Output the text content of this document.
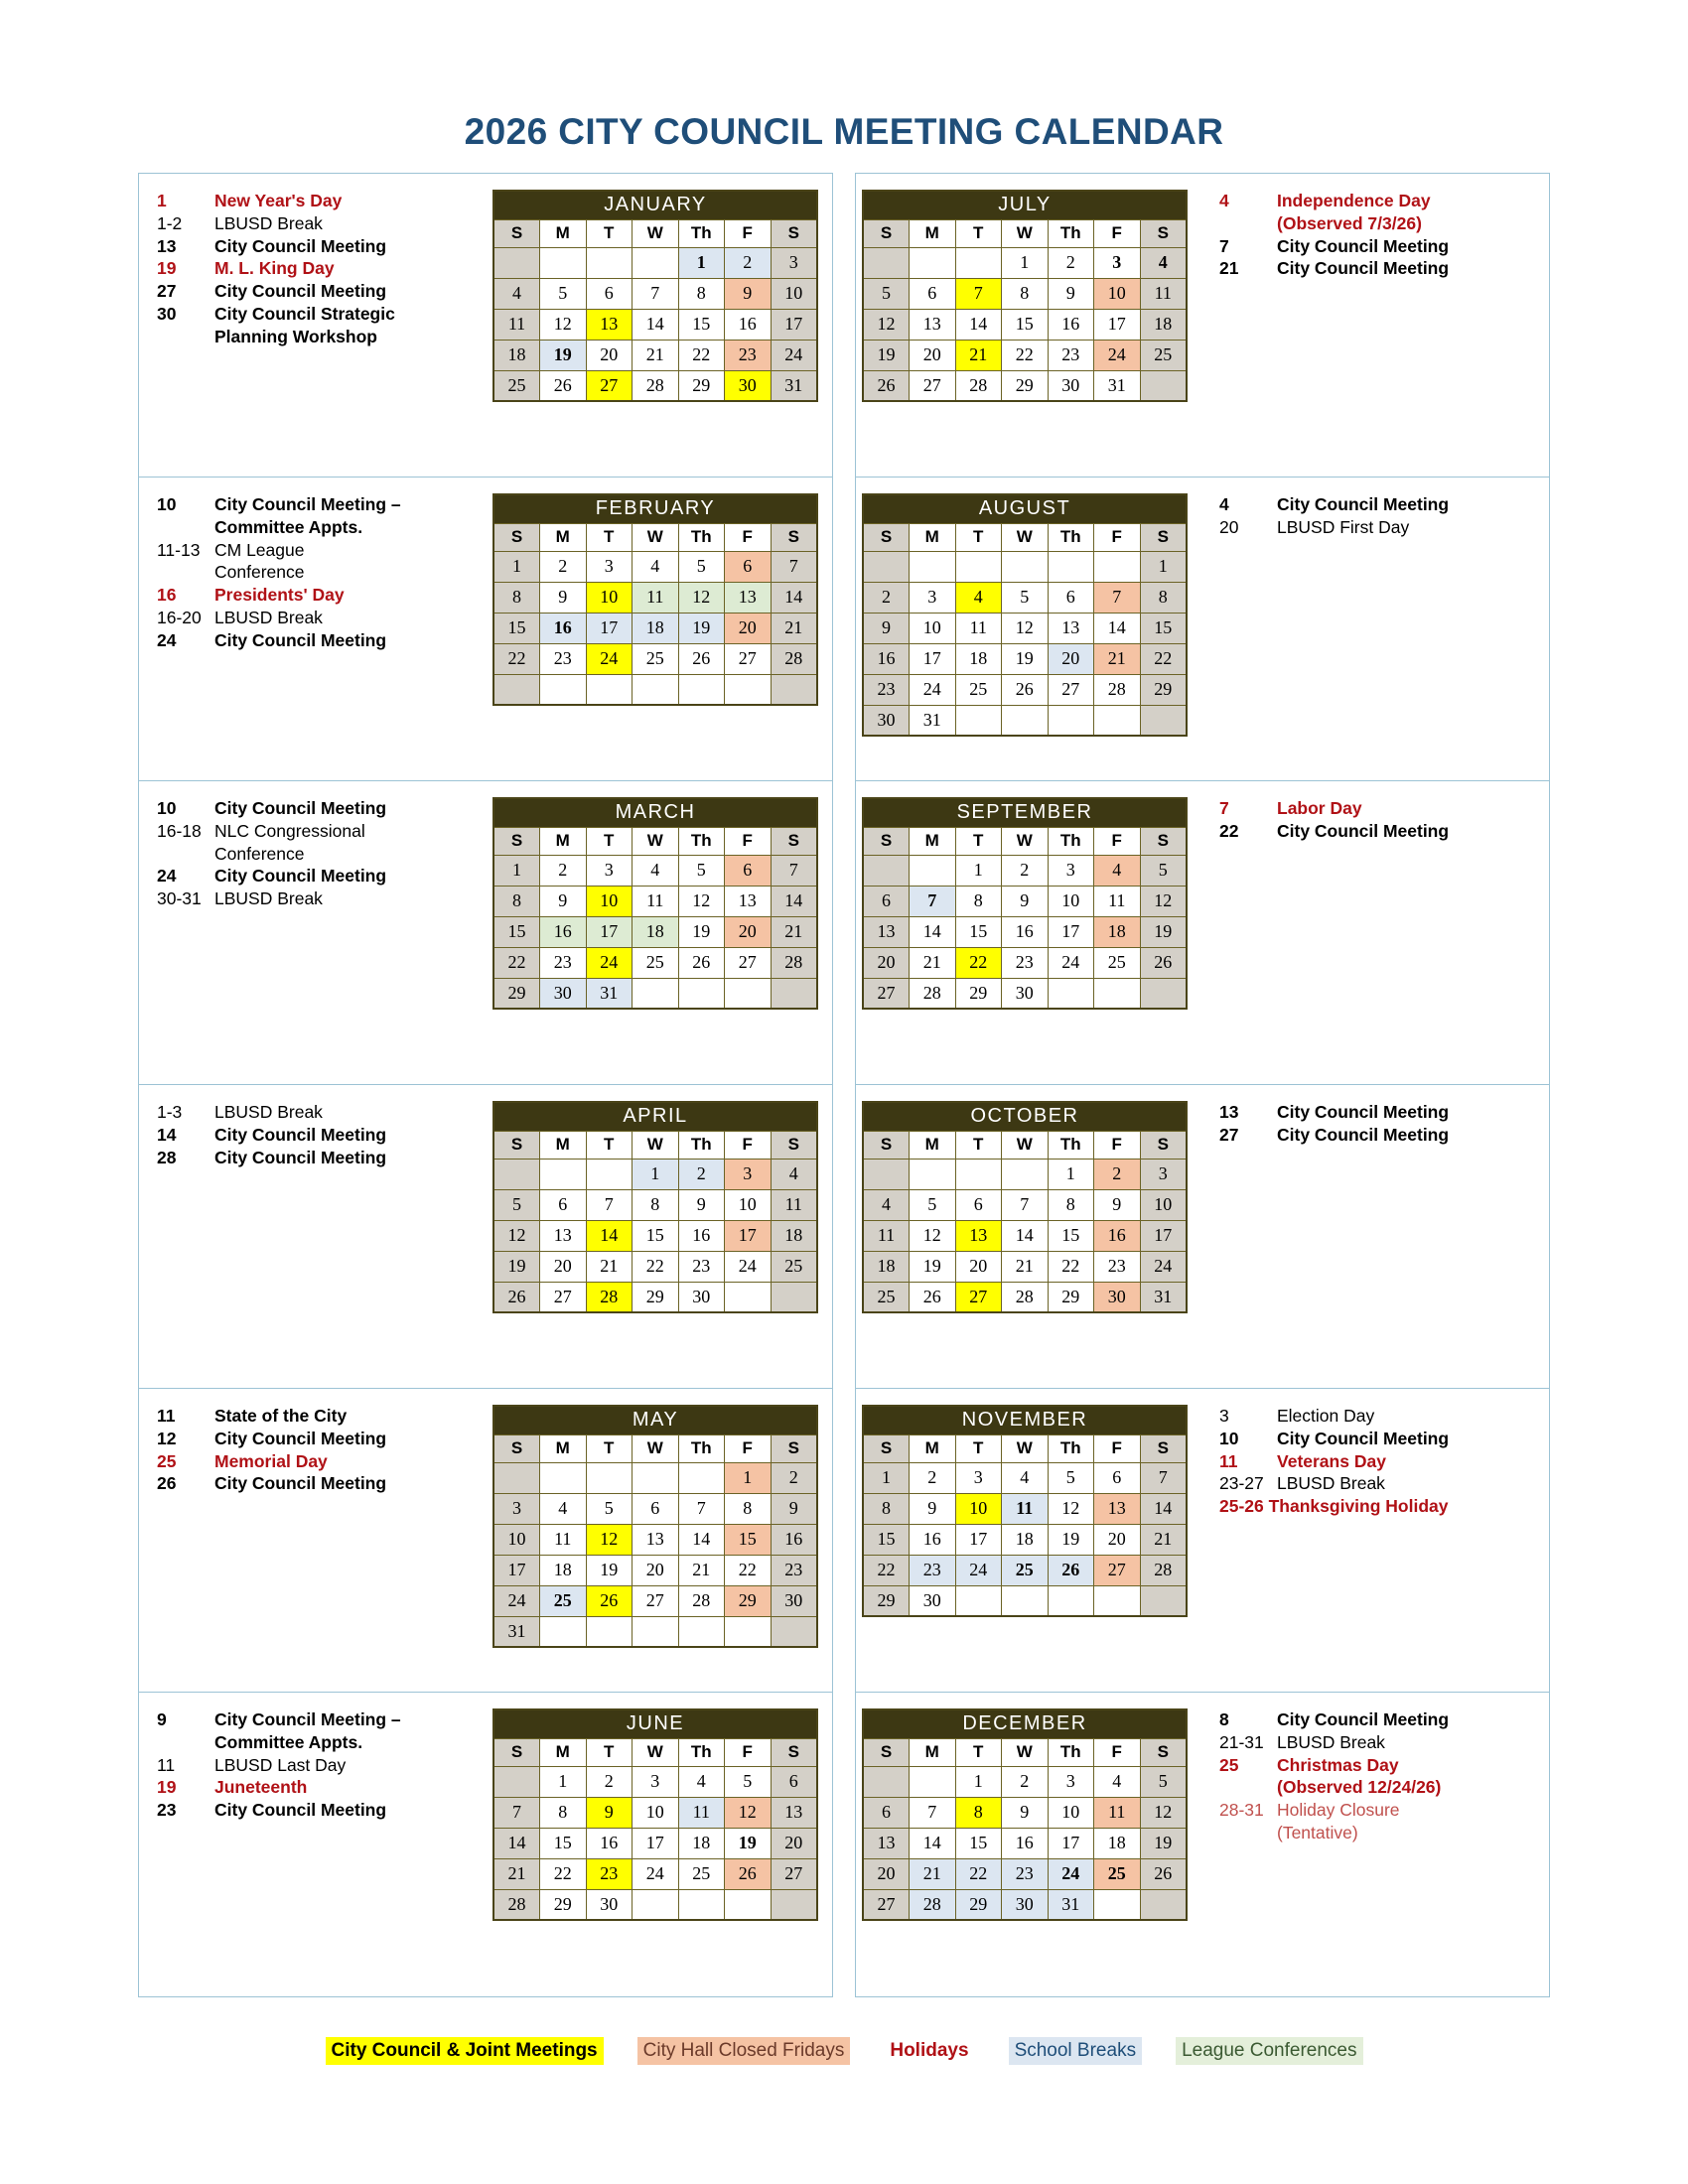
2026 CITY COUNCIL MEETING CALENDAR
1	New Year's Day
1-2	LBUSD Break
13	City Council Meeting
19	M. L. King Day
27	City Council Meeting
30	City Council Strategic
Planning Workshop
JANUARY						
S	M	T	W	Th	F	S
				1	2	3
4	5	6	7	8	9	10
11	12	13	14	15	16	17
18	19	20	21	22	23	24
25	26	27	28	29	30	31
10	City Council Meeting –
Committee Appts.
11-13 CM League
Conference
16	Presidents' Day
16-20 LBUSD Break
24	City Council Meeting
FEBRUARY						
S	M	T	W	Th	F	S
1	2	3	4	5	6	7
8	9	10	11	12	13	14
15	16	17	18	19	20	21
22	23	24	25	26	27	28

10	City Council Meeting
16-18 NLC Congressional
Conference
24	City Council Meeting
30-31 LBUSD Break
MARCH						
S	M	T	W	Th	F	S
1	2	3	4	5	6	7
8	9	10	11	12	13	14
15	16	17	18	19	20	21
22	23	24	25	26	27	28
29	30	31				
1-3	LBUSD Break
14	City Council Meeting
28	City Council Meeting
APRIL						
S	M	T	W	Th	F	S
			1	2	3	4
5	6	7	8	9	10	11
12	13	14	15	16	17	18
19	20	21	22	23	24	25
26	27	28	29	30		
11	State of the City
12	City Council Meeting
25	Memorial Day
26	City Council Meeting
MAY						
S	M	T	W	Th	F	S
					1	2
3	4	5	6	7	8	9
10	11	12	13	14	15	16
17	18	19	20	21	22	23
24	25	26	27	28	29	30
31						
9	City Council Meeting –
Committee Appts.
11	LBUSD Last Day
19	Juneteenth
23	City Council Meeting
JUNE						
S	M	T	W	Th	F	S
	1	2	3	4	5	6
7	8	9	10	11	12	13
14	15	16	17	18	19	20
21	22	23	24	25	26	27
28	29	30				
JULY						
S	M	T	W	Th	F	S
			1	2	3	4
5	6	7	8	9	10	11
12	13	14	15	16	17	18
19	20	21	22	23	24	25
26	27	28	29	30	31	
4	Independence Day
(Observed 7/3/26)
7	City Council Meeting
21	City Council Meeting
AUGUST						
S	M	T	W	Th	F	S
						1
2	3	4	5	6	7	8
9	10	11	12	13	14	15
16	17	18	19	20	21	22
23	24	25	26	27	28	29
30	31					
4	City Council Meeting
20	LBUSD First Day
SEPTEMBER						
S	M	T	W	Th	F	S
		1	2	3	4	5
6	7	8	9	10	11	12
13	14	15	16	17	18	19
20	21	22	23	24	25	26
27	28	29	30			
7	Labor Day
22	City Council Meeting
OCTOBER						
S	M	T	W	Th	F	S
				1	2	3
4	5	6	7	8	9	10
11	12	13	14	15	16	17
18	19	20	21	22	23	24
25	26	27	28	29	30	31
13	City Council Meeting
27	City Council Meeting
NOVEMBER						
S	M	T	W	Th	F	S
1	2	3	4	5	6	7
8	9	10	11	12	13	14
15	16	17	18	19	20	21
22	23	24	25	26	27	28
29	30					
3	Election Day
10	City Council Meeting
11	Veterans Day
23-27 LBUSD Break
25-26 Thanksgiving Holiday
DECEMBER						
S	M	T	W	Th	F	S
		1	2	3	4	5
6	7	8	9	10	11	12
13	14	15	16	17	18	19
20	21	22	23	24	25	26
27	28	29	30	31		
8	City Council Meeting
21-31 LBUSD Break
25	Christmas Day
(Observed 12/24/26)
28-31 Holiday Closure
(Tentative)
City Council & Joint Meetings	City Hall Closed Fridays	Holidays	School Breaks	League Conferences
